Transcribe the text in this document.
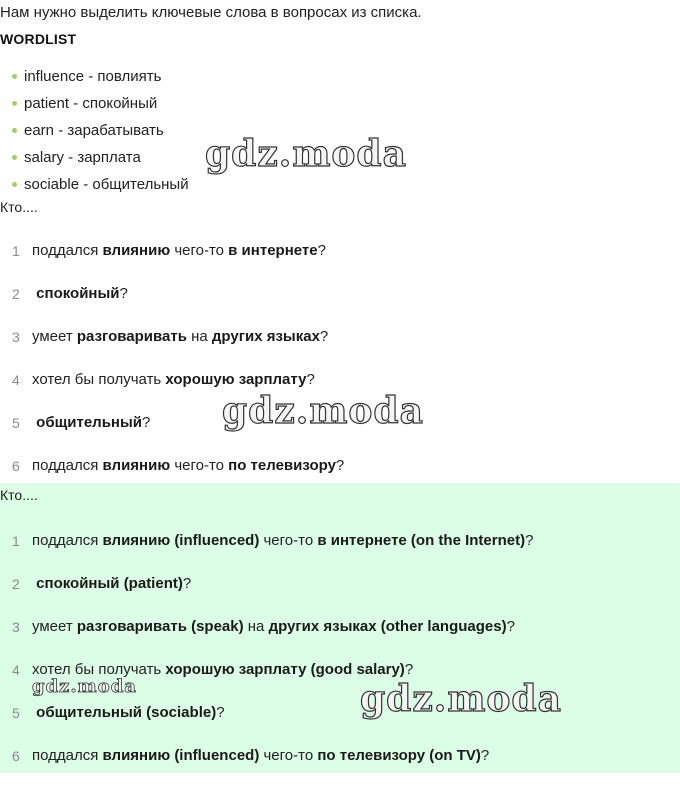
Нам нужно выделить ключевые слова в вопросах из списка.
WORDLIST
influence - повлиять
patient - спокойный
earn - зарабатывать
salary - зарплата
sociable - общительный
Кто....
1 поддался влиянию чего-то в интернете?
2 спокойный?
3 умеет разговаривать на других языках?
4 хотел бы получать хорошую зарплату?
5 общительный?
6 поддался влиянию чего-то по телевизору?
Кто....
1 поддался влиянию (influenced) чего-то в интернете (on the Internet)?
2 спокойный (patient)?
3 умеет разговаривать (speak) на других языках (other languages)?
4 хотел бы получать хорошую зарплату (good salary)?
5 общительный (sociable)?
6 поддался влиянию (influenced) чего-то по телевизору (on TV)?
gdz.moda
gdz.moda
gdz.moda	gdz.moda
